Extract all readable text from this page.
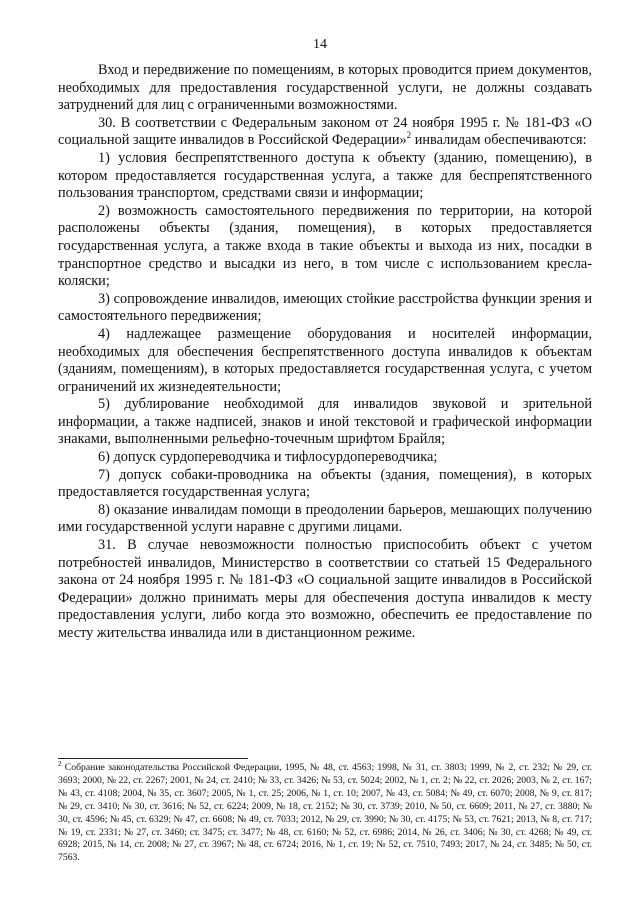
14

Вход и передвижение по помещениям, в которых проводится прием документов, необходимых для предоставления государственной услуги, не должны создавать затруднений для лиц с ограниченными возможностями.

30. В соответствии с Федеральным законом от 24 ноября 1995 г. № 181-ФЗ «О социальной защите инвалидов в Российской Федерации»$^2$ инвалидам обеспечиваются:

1) условия беспрепятственного доступа к объекту (зданию, помещению), в котором предоставляется государственная услуга, а также для беспрепятственного пользования транспортом, средствами связи и информации;

2) возможность самостоятельного передвижения по территории, на которой расположены объекты (здания, помещения), в которых предоставляется государственная услуга, а также входа в такие объекты и выхода из них, посадки в транспортное средство и высадки из него, в том числе с использованием кресла-коляски;

3) сопровождение инвалидов, имеющих стойкие расстройства функции зрения и самостоятельного передвижения;

4) надлежащее размещение оборудования и носителей информации, необходимых для обеспечения беспрепятственного доступа инвалидов к объектам (зданиям, помещениям), в которых предоставляется государственная услуга, с учетом ограничений их жизнедеятельности;

5) дублирование необходимой для инвалидов звуковой и зрительной информации, а также надписей, знаков и иной текстовой и графической информации знаками, выполненными рельефно-точечным шрифтом Брайля;

6) допуск сурдопереводчика и тифлосурдопереводчика;

7) допуск собаки-проводника на объекты (здания, помещения), в которых предоставляется государственная услуга;

8) оказание инвалидам помощи в преодолении барьеров, мешающих получению ими государственной услуги наравне с другими лицами.

31. В случае невозможности полностью приспособить объект с учетом потребностей инвалидов, Министерство в соответствии со статьей 15 Федерального закона от 24 ноября 1995 г. № 181-ФЗ «О социальной защите инвалидов в Российской Федерации» должно принимать меры для обеспечения доступа инвалидов к месту предоставления услуги, либо когда это возможно, обеспечить ее предоставление по месту жительства инвалида или в дистанционном режиме.

$^2$ Собрание законодательства Российской Федерации, 1995, № 48, ст. 4563; 1998, № 31, ст. 3803; 1999, № 2, ст. 232; № 29, ст. 3693; 2000, № 22, ст. 2267; 2001, № 24, ст. 2410; № 33, ст. 3426; № 53, ст. 5024; 2002, № 1, ст. 2; № 22, ст. 2026; 2003, № 2, ст. 167; № 43, ст. 4108; 2004, № 35, ст. 3607; 2005, № 1, ст. 25; 2006, № 1, ст. 10; 2007, № 43, ст. 5084; № 49, ст. 6070; 2008, № 9, ст. 817; № 29, ст. 3410; № 30, ст. 3616; № 52, ст. 6224; 2009, № 18, ст. 2152; № 30, ст. 3739; 2010, № 50, ст. 6609; 2011, № 27, ст. 3880; № 30, ст. 4596; № 45, ст. 6329; № 47, ст. 6608; № 49, ст. 7033; 2012, № 29, ст. 3990; № 30, ст. 4175; № 53, ст. 7621; 2013, № 8, ст. 717; № 19, ст. 2331; № 27, ст. 3460; ст. 3475; ст. 3477; № 48, ст. 6160; № 52, ст. 6986; 2014, № 26, ст. 3406; № 30, ст. 4268; № 49, ст. 6928; 2015, № 14, ст. 2008; № 27, ст. 3967; № 48, ст. 6724; 2016, № 1, ст. 19; № 52, ст. 7510, 7493; 2017, № 24, ст. 3485; № 50, ст. 7563.
